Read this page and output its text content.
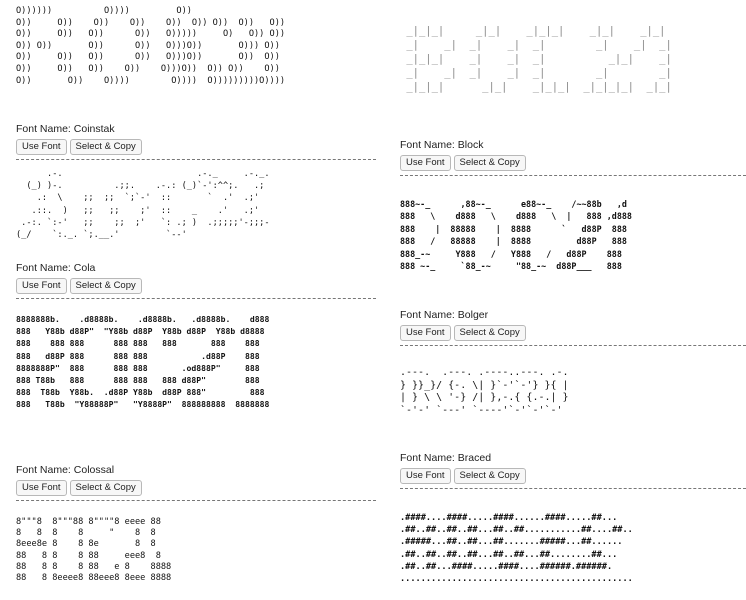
O))))))          O))))         O))
O))     O))    O))    O))    O))  O)) O))  O))   O))
O))     O))   O))      O))   O)))))     O)   O)) O))
O)) O))       O))      O))   O)))O))       O))) O))
O))     O))   O))      O))   O)))O))       O))  O))
O))     O))   O))    O))    O)))O))  O)) O))    O))
O))       O))    O))))        O))))  O)))))))))O))))

Font Name: Coinstak

Use Font	Select & Copy
.-.                          .-._     .-._.
(_) )-.          .;;.    .-.: (_)`-':^^;.   .;
.:  \    ;;  ;;  `;`-'  ::       `  .'  .;'
.::.  )   ;;   ;;    ;'  ::    _    .'   .;'
.-:. `:-'   ;;    ;;  ;'   `: .; )  .;;;;;'-;;;-
(_/    `:._. `;.__.'         `--'

Font Name: Cola

Use Font	Select & Copy
8888888b.    .d8888b.    .d8888b.   .d8888b.    d888
888   Y88b d88P"  "Y88b d88P  Y88b d88P  Y88b d8888
888    888 888      888 888   888       888    888
888   d88P 888      888 888           .d88P    888
8888888P"  888      888 888       .od888P"     888
888 T88b   888      888 888   888 d88P"        888
888  T88b  Y88b.  .d88P Y88b  d88P 888"         888
888   T88b  "Y88888P"   "Y8888P"  888888888  8888888

Font Name: Colossal

Use Font	Select & Copy
8"""8  8"""88 8""""8 eeee 88
8   8  8    8     "    8  8
8eee8e 8    8 8e       8  8
88   8 8    8 88     eee8  8
88   8 8    8 88   e 8    8888
88   8 8eeee8 88eee8 8eee 8888
_|_|_|     _|_|    _|_|_|    _|_|    _|_|
_|    _|  _|    _|  _|        _|    _|  _|
_|_|_|    _|    _|  _|          _|_|    _|
_|    _|  _|    _|  _|        _|        _|
_|_|_|      _|_|    _|_|_|  _|_|_|_|  _|_|

Font Name: Block

Use Font	Select & Copy
888~-_      ,88~-_      e88~-_    /~~88b   ,d
888   \    d888   \    d888   \  |   888 ,d888
888    |  88888    |  8888      `   d88P  888
888   /   88888    |  8888         d88P   888
888_-~     Y888   /   Y888   /   d88P    888
888 ~-_     `88_-~     "88_-~  d88P___   888

Font Name: Bolger

Use Font	Select & Copy
.---.  .---. .----..---. .-.
} }}_}/ {-. \| }`-'`-'} }{ |
| } \ \ '-} /| },-.{ {.-.| }
`-'-' `---' `----'`-'`-'`-'

Font Name: Braced

Use Font	Select & Copy
.####....####.....####......####.....##...
.##..##..##..##...##..##...........##....##..
.#####...##..##...##.......#####...##......
.##..##..##..##...##..##...##........##...
.##..##...####.....####....######.######.
.............................................
